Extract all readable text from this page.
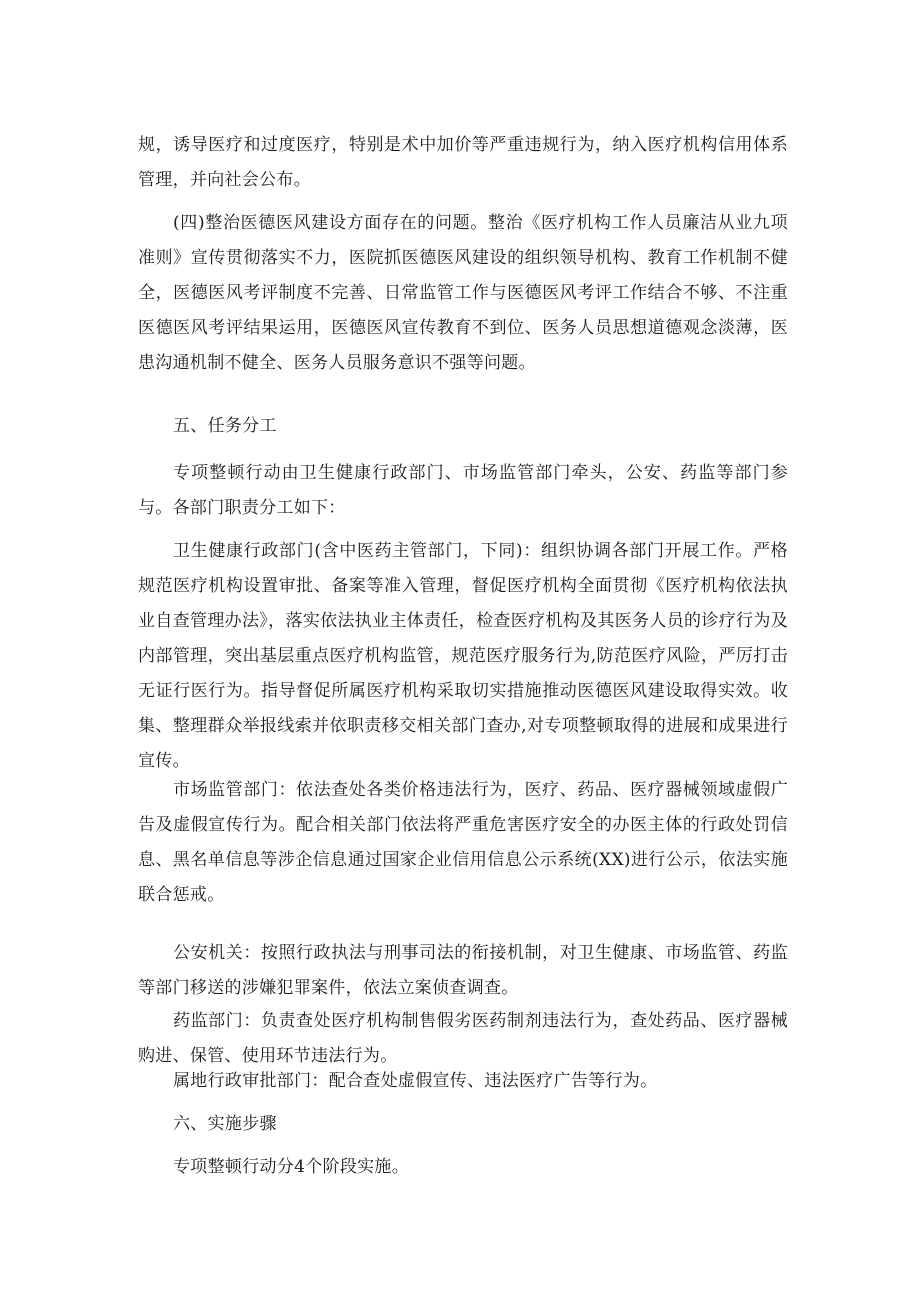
规，诱导医疗和过度医疗，特别是术中加价等严重违规行为，纳入医疗机构信用体系管理，并向社会公布。

(四)整治医德医风建设方面存在的问题。整治《医疗机构工作人员廉洁从业九项准则》宣传贯彻落实不力，医院抓医德医风建设的组织领导机构、教育工作机制不健全，医德医风考评制度不完善、日常监管工作与医德医风考评工作结合不够、不注重医德医风考评结果运用，医德医风宣传教育不到位、医务人员思想道德观念淡薄，医患沟通机制不健全、医务人员服务意识不强等问题。

五、任务分工

专项整顿行动由卫生健康行政部门、市场监管部门牵头，公安、药监等部门参与。各部门职责分工如下：

卫生健康行政部门(含中医药主管部门，下同)：组织协调各部门开展工作。严格规范医疗机构设置审批、备案等准入管理，督促医疗机构全面贯彻《医疗机构依法执业自查管理办法》，落实依法执业主体责任，检查医疗机构及其医务人员的诊疗行为及内部管理，突出基层重点医疗机构监管，规范医疗服务行为,防范医疗风险，严厉打击无证行医行为。指导督促所属医疗机构采取切实措施推动医德医风建设取得实效。收集、整理群众举报线索并依职责移交相关部门查办,对专项整顿取得的进展和成果进行宣传。

市场监管部门：依法查处各类价格违法行为，医疗、药品、医疗器械领域虚假广告及虚假宣传行为。配合相关部门依法将严重危害医疗安全的办医主体的行政处罚信息、黑名单信息等涉企信息通过国家企业信用信息公示系统(XX)进行公示，依法实施联合惩戒。

公安机关：按照行政执法与刑事司法的衔接机制，对卫生健康、市场监管、药监等部门移送的涉嫌犯罪案件，依法立案侦查调查。

药监部门：负责查处医疗机构制售假劣医药制剂违法行为，查处药品、医疗器械购进、保管、使用环节违法行为。

属地行政审批部门：配合查处虚假宣传、违法医疗广告等行为。

六、实施步骤

专项整顿行动分4个阶段实施。
